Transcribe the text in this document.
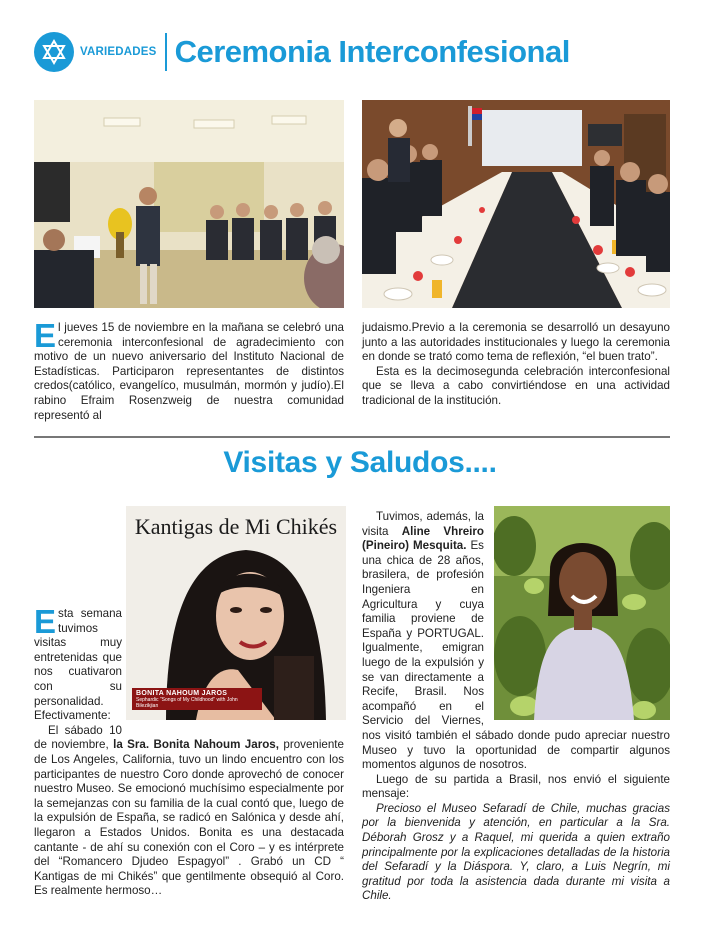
VARIEDADES Ceremonia Interconfesional
E l jueves 15 de noviembre en la mañana se celebró una ceremonia interconfesional de agradecimiento con motivo de un nuevo aniversario del Instituto Nacional de Estadísticas. Participaron representantes de distintos credos(católico, evangelíco, musulmán, mormón y judío).El rabino Efraim Rosenzweig de nuestra comunidad representó al

judaismo.Previo a la ceremonia se desarrolló un desayuno junto a las autoridades institucionales y luego la ceremonia en donde se trató como tema de reflexión, “el buen trato”.

Esta es la decimosegunda celebración interconfesional que se lleva a cabo convirtiéndose en una actividad tradicional de la institución.

Visitas y Saludos....
Kantigas de Mi Chikés
BONITA NAHOUM JAROS
Sephardic "Songs of My Childhood" with John Bilezikjian
E sta semana tuvimos visitas muy entretenidas que nos cuativaron con su personalidad. Efectivamente:

El sábado 10 de noviembre, la Sra. Bonita Nahoum Jaros, proveniente de Los Angeles, California, tuvo un lindo encuentro con los participantes de nuestro Coro donde aprovechó de conocer nuestro Museo. Se emocionó muchísimo especialmente por la semejanzas con su familia de la cual contó que, luego de la expulsión de España, se radicó en Salónica y desde ahí, llegaron a Estados Unidos. Bonita es una destacada cantante - de ahí su conexión con el Coro – y es intérprete del “Romancero Djudeo Espagyol” . Grabó un CD “ Kantigas de mi Chikés” que gentilmente obsequió al Coro. Es realmente hermoso…

Tuvimos, además, la visita Aline Vhreiro (Pineiro) Mesquita. Es una chica de 28 años, brasilera, de profesión Ingeniera en Agricultura y cuya familia proviene de España y PORTUGAL. Igualmente, emigran luego de la expulsión y se van directamente a Recife, Brasil. Nos acompañó en el Servicio del Viernes, nos visitó también el sábado donde pudo apreciar nuestro Museo y tuvo la oportunidad de compartir algunos momentos algunos de nosotros.

Luego de su partida a Brasil, nos envió el siguiente mensaje:

Precioso el Museo Sefaradí de Chile, muchas gracias por la bienvenida y atención, en particular a la Sra. Déborah Grosz y a Raquel, mi querida a quien extraño principalmente por la explicaciones detalladas de la historia del Sefaradí y la Diáspora. Y, claro, a Luis Negrín, mi gratitud por toda la asistencia dada durante mi visita a Chile.
